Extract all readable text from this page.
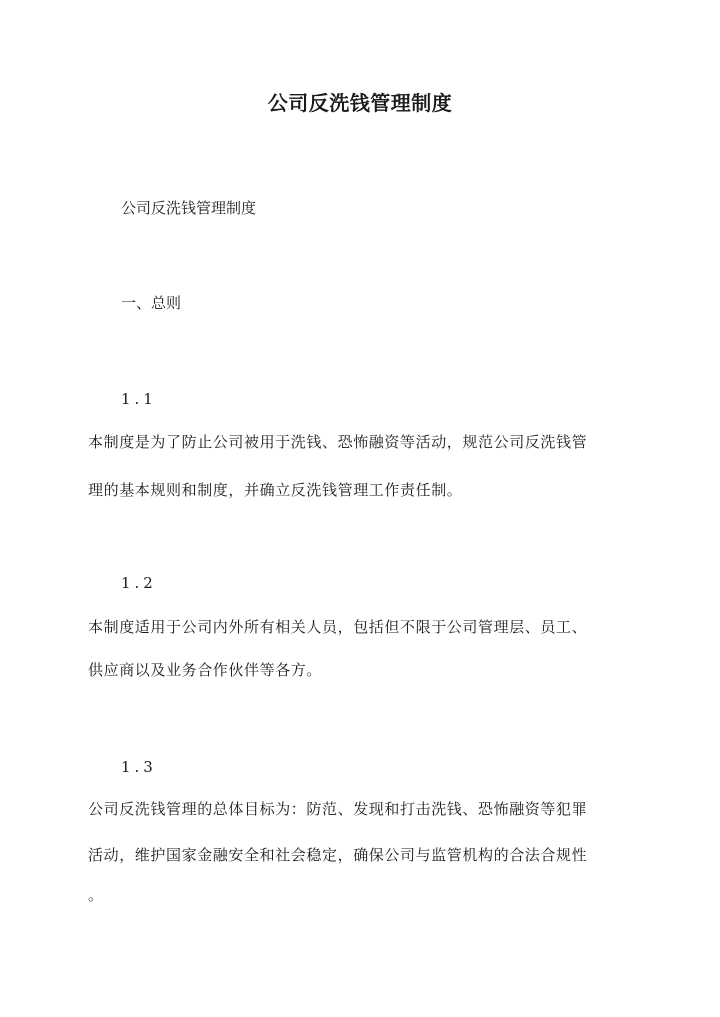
公司反洗钱管理制度
公司反洗钱管理制度
一、总则
1.1
本制度是为了防止公司被用于洗钱、恐怖融资等活动，规范公司反洗钱管
理的基本规则和制度，并确立反洗钱管理工作责任制。
1.2
本制度适用于公司内外所有相关人员，包括但不限于公司管理层、员工、
供应商以及业务合作伙伴等各方。
1.3
公司反洗钱管理的总体目标为：防范、发现和打击洗钱、恐怖融资等犯罪
活动，维护国家金融安全和社会稳定，确保公司与监管机构的合法合规性
。
